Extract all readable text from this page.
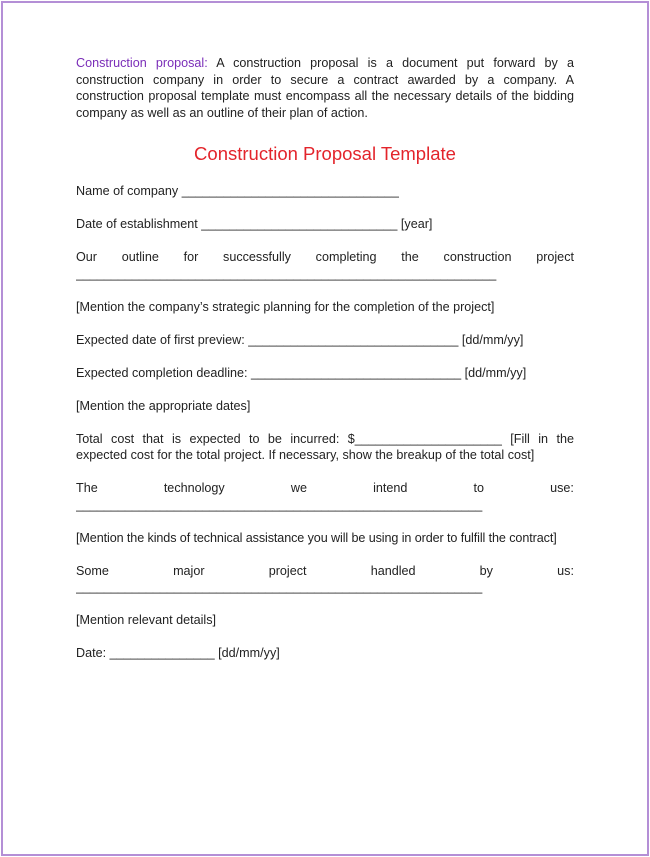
Construction proposal: A construction proposal is a document put forward by a construction company in order to secure a contract awarded by a company. A construction proposal template must encompass all the necessary details of the bidding company as well as an outline of their plan of action.

Construction Proposal Template
Name of company _______________________________
Date of establishment ____________________________ [year]
Our outline for successfully completing the construction project
____________________________________________________________
[Mention the company’s strategic planning for the completion of the project]
Expected date of first preview: ______________________________ [dd/mm/yy]
Expected completion deadline: ______________________________ [dd/mm/yy]
[Mention the appropriate dates]
Total cost that is expected to be incurred: $_____________________ [Fill in the expected cost for the total project. If necessary, show the breakup of the total cost]
The	technology	we	intend	to	use:
__________________________________________________________
[Mention the kinds of technical assistance you will be using in order to fulfill the contract]
Some	major	project	handled	by	us:
__________________________________________________________
[Mention relevant details]
Date: _______________ [dd/mm/yy]
